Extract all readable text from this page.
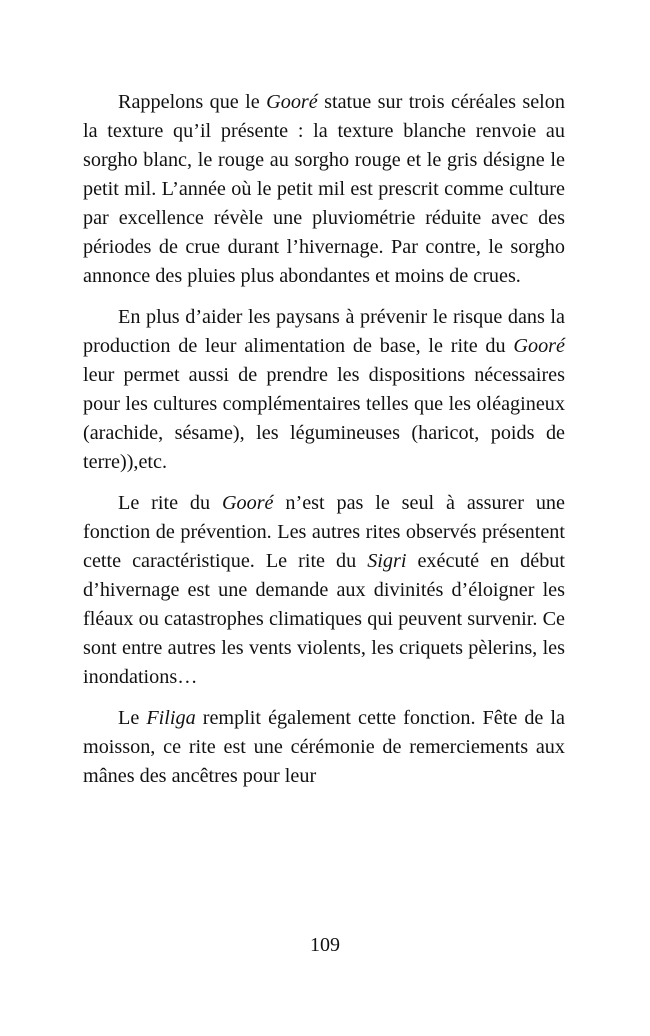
Rappelons que le Gooré statue sur trois céréales selon la texture qu’il présente : la texture blanche renvoie au sorgho blanc, le rouge au sorgho rouge et le gris désigne le petit mil. L’année où le petit mil est prescrit comme culture par excellence révèle une pluviométrie réduite avec des périodes de crue durant l’hivernage. Par contre, le sorgho annonce des pluies plus abondantes et moins de crues.

En plus d’aider les paysans à prévenir le risque dans la production de leur alimentation de base, le rite du Gooré leur permet aussi de prendre les dispositions nécessaires pour les cultures complémentaires telles que les oléagineux (arachide, sésame), les légumineuses (haricot, poids de terre)),etc.

Le rite du Gooré n’est pas le seul à assurer une fonction de prévention. Les autres rites observés présentent cette caractéristique. Le rite du Sigri exécuté en début d’hivernage est une demande aux divinités d’éloigner les fléaux ou catastrophes climatiques qui peuvent survenir. Ce sont entre autres les vents violents, les criquets pèlerins, les inondations…

Le Filiga remplit également cette fonction. Fête de la moisson, ce rite est une cérémonie de remerciements aux mânes des ancêtres pour leur

109
